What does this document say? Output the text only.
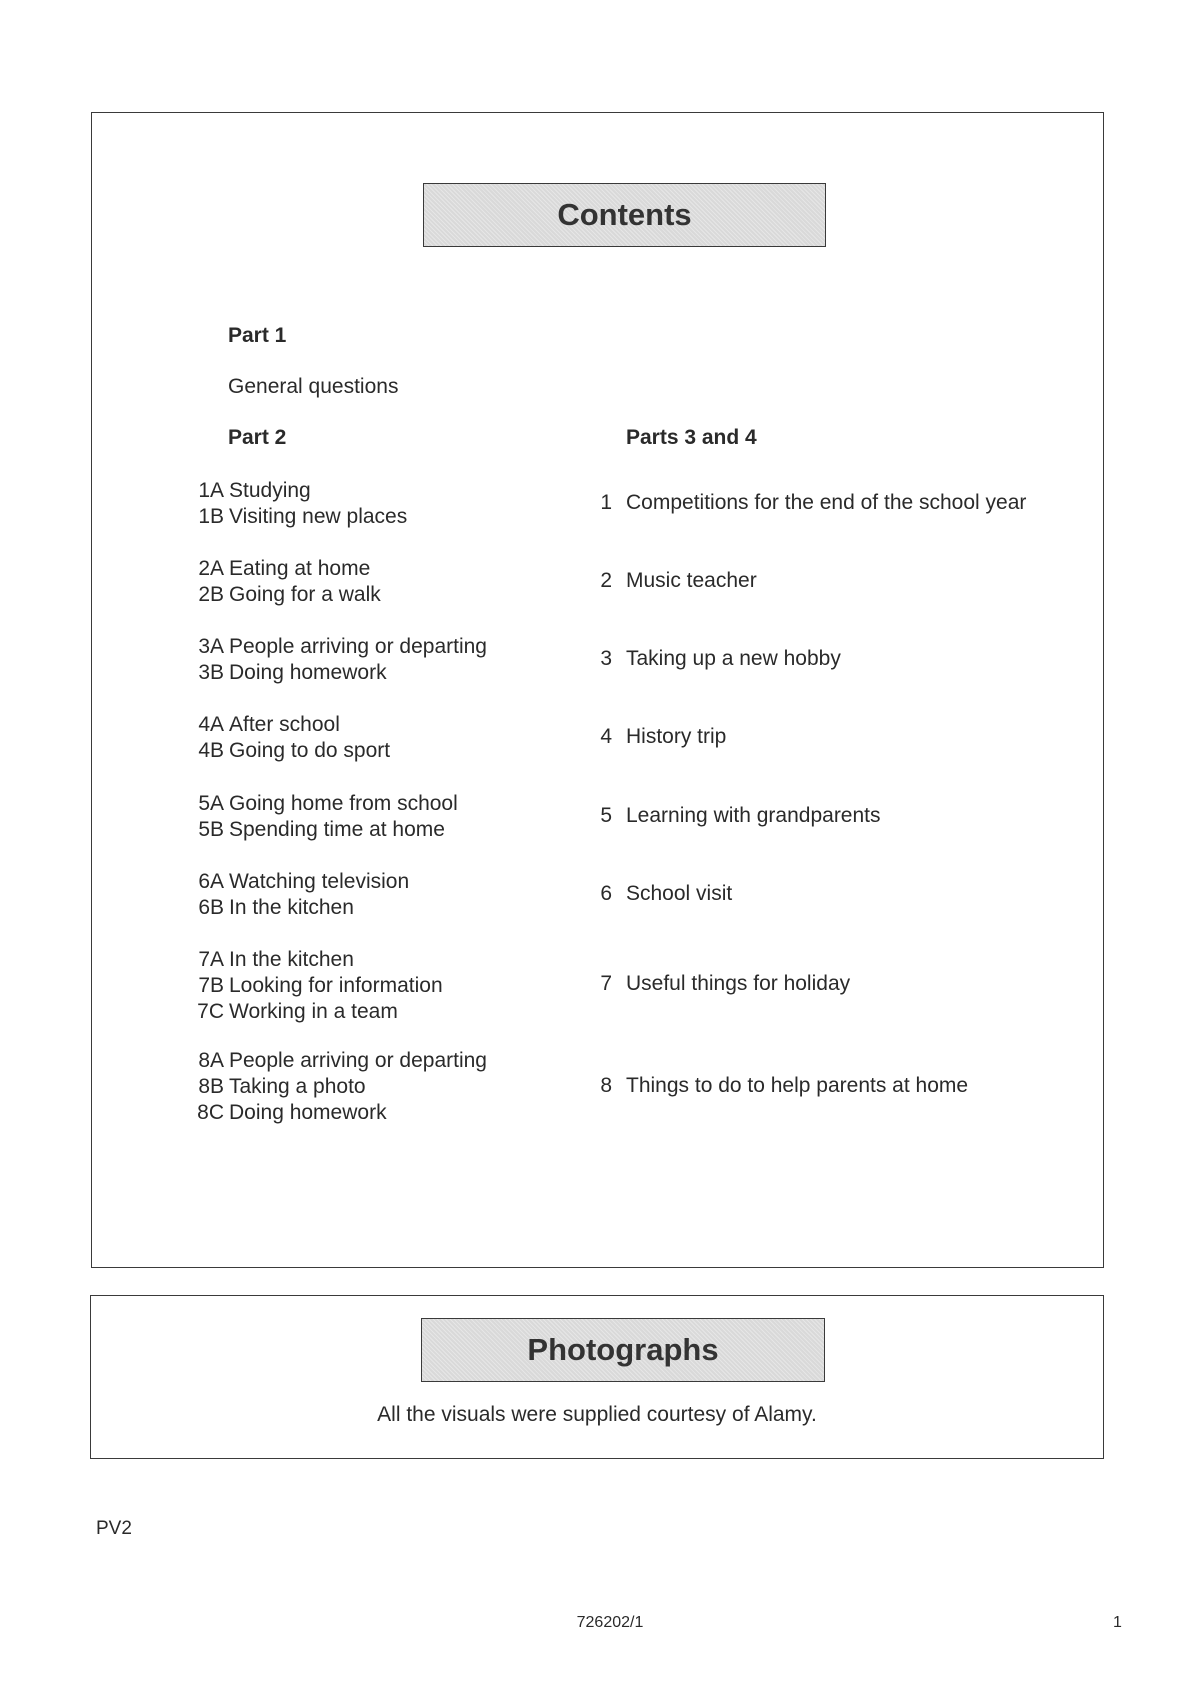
Contents
Part 1
General questions
Part 2	Parts 3 and 4
1A Studying
1B Visiting new places
2A Eating at home
2B Going for a walk
3A People arriving or departing
3B Doing homework
4A After school
4B Going to do sport
5A Going home from school
5B Spending time at home
6A Watching television
6B In the kitchen
7A In the kitchen
7B Looking for information
7C Working in a team
8A People arriving or departing
8B Taking a photo
8C Doing homework
1 Competitions for the end of the school year
2 Music teacher
3 Taking up a new hobby
4 History trip
5 Learning with grandparents
6 School visit
7 Useful things for holiday
8 Things to do to help parents at home
Photographs
All the visuals were supplied courtesy of Alamy.
PV2
726202/1	1
